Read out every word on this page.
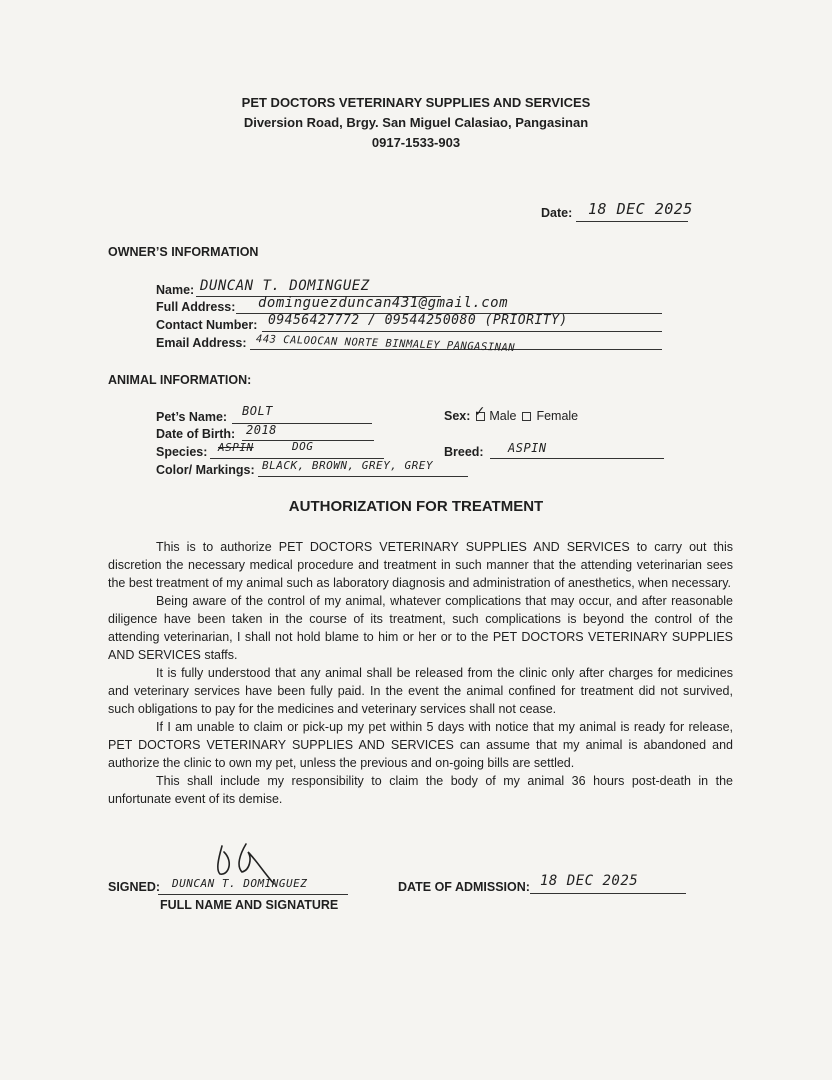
PET DOCTORS VETERINARY SUPPLIES AND SERVICES
Diversion Road, Brgy. San Miguel Calasiao, Pangasinan
0917-1533-903
Date: 18 DEC 2025
OWNER’S INFORMATION
Name: DUNCAN T. DOMINGUEZ
Full Address: dominguezduncan431@gmail.com
Contact Number: 09456427772 / 09544250080 (PRIORITY)
Email Address: 443 CALOOCAN NORTE BINMALEY PANGASINAN
ANIMAL INFORMATION:
Pet’s Name: BOLT
Date of Birth: 2018
Species: ASPIN	DOG
Color/ Markings: BLACK, BROWN, GREY, GREY
Sex: ✓ Male Female
Breed: ASPIN
AUTHORIZATION FOR TREATMENT

This is to authorize PET DOCTORS VETERINARY SUPPLIES AND SERVICES to carry out this discretion the necessary medical procedure and treatment in such manner that the attending veterinarian sees the best treatment of my animal such as laboratory diagnosis and administration of anesthetics, when necessary.

Being aware of the control of my animal, whatever complications that may occur, and after reasonable diligence have been taken in the course of its treatment, such complications is beyond the control of the attending veterinarian, I shall not hold blame to him or her or to the PET DOCTORS VETERINARY SUPPLIES AND SERVICES staffs.

It is fully understood that any animal shall be released from the clinic only after charges for medicines and veterinary services have been fully paid. In the event the animal confined for treatment did not survived, such obligations to pay for the medicines and veterinary services shall not cease.

If I am unable to claim or pick-up my pet within 5 days with notice that my animal is ready for release, PET DOCTORS VETERINARY SUPPLIES AND SERVICES can assume that my animal is abandoned and authorize the clinic to own my pet, unless the previous and on-going bills are settled.

This shall include my responsibility to claim the body of my animal 36 hours post-death in the unfortunate event of its demise.

SIGNED: DUNCAN T. DOMINGUEZ
FULL NAME AND SIGNATURE
DATE OF ADMISSION: 18 DEC 2025
